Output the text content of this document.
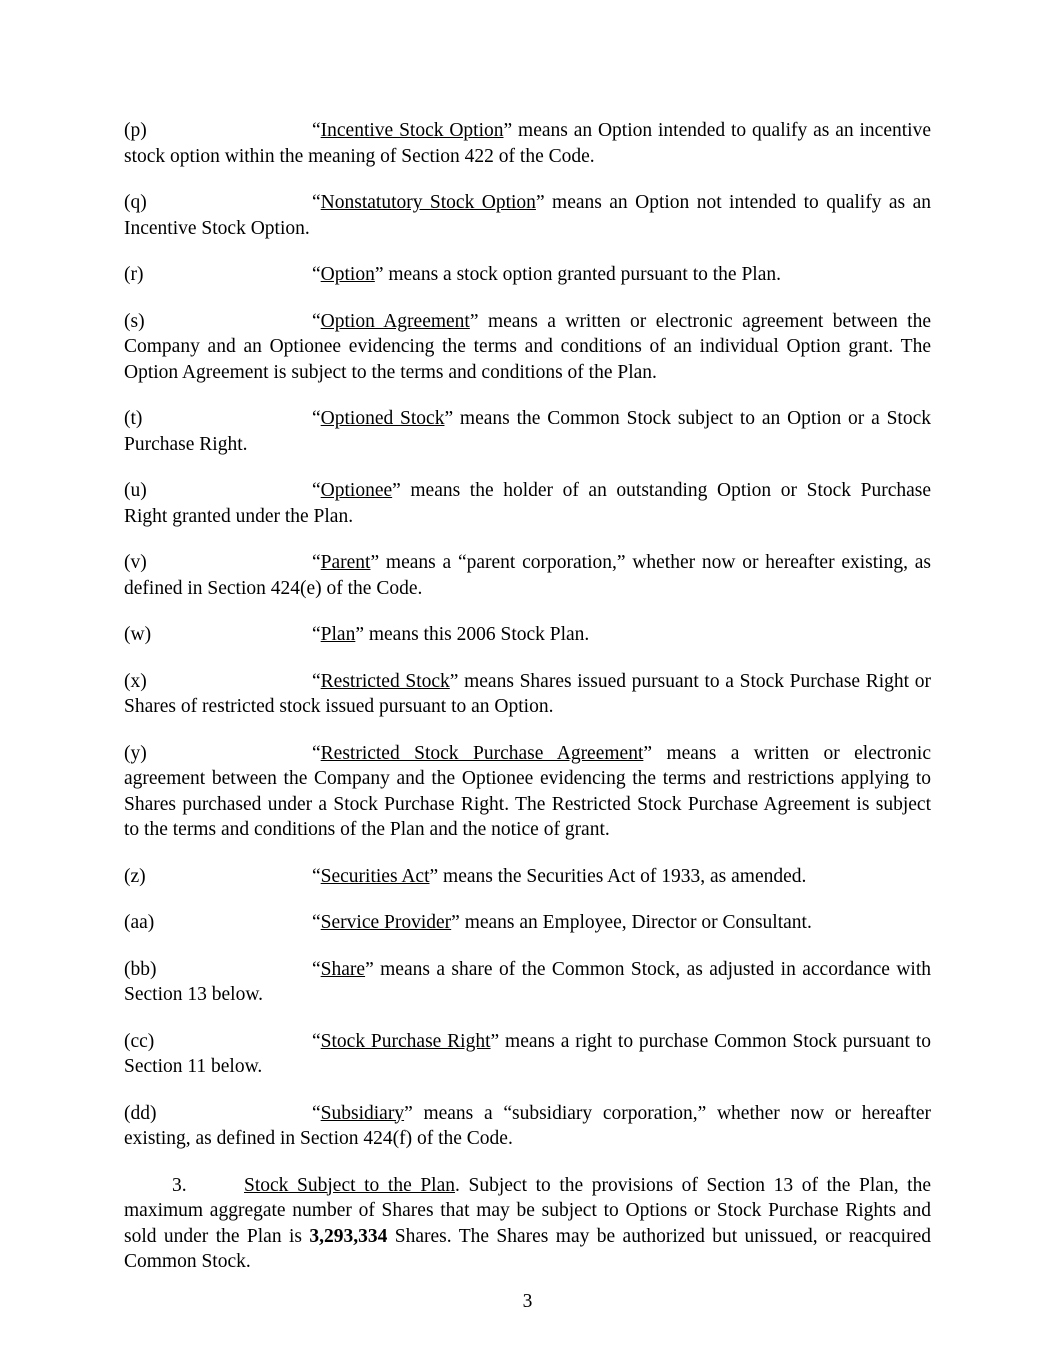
(p)	“Incentive Stock Option” means an Option intended to qualify as an incentive stock option within the meaning of Section 422 of the Code.

(q)	“Nonstatutory Stock Option” means an Option not intended to qualify as an Incentive Stock Option.

(r)	“Option” means a stock option granted pursuant to the Plan.

(s)	“Option Agreement” means a written or electronic agreement between the Company and an Optionee evidencing the terms and conditions of an individual Option grant. The Option Agreement is subject to the terms and conditions of the Plan.

(t)	“Optioned Stock” means the Common Stock subject to an Option or a Stock Purchase Right.

(u)	“Optionee” means the holder of an outstanding Option or Stock Purchase Right granted under the Plan.

(v)	“Parent” means a “parent corporation,” whether now or hereafter existing, as defined in Section 424(e) of the Code.

(w)	“Plan” means this 2006 Stock Plan.

(x)	“Restricted Stock” means Shares issued pursuant to a Stock Purchase Right or Shares of restricted stock issued pursuant to an Option.

(y)	“Restricted Stock Purchase Agreement” means a written or electronic agreement between the Company and the Optionee evidencing the terms and restrictions applying to Shares purchased under a Stock Purchase Right. The Restricted Stock Purchase Agreement is subject to the terms and conditions of the Plan and the notice of grant.

(z)	“Securities Act” means the Securities Act of 1933, as amended.

(aa)	“Service Provider” means an Employee, Director or Consultant.

(bb)	“Share” means a share of the Common Stock, as adjusted in accordance with Section 13 below.

(cc)	“Stock Purchase Right” means a right to purchase Common Stock pursuant to Section 11 below.

(dd)	“Subsidiary” means a “subsidiary corporation,” whether now or hereafter existing, as defined in Section 424(f) of the Code.

3.	Stock Subject to the Plan. Subject to the provisions of Section 13 of the Plan, the maximum aggregate number of Shares that may be subject to Options or Stock Purchase Rights and sold under the Plan is 3,293,334 Shares. The Shares may be authorized but unissued, or reacquired Common Stock.

3
